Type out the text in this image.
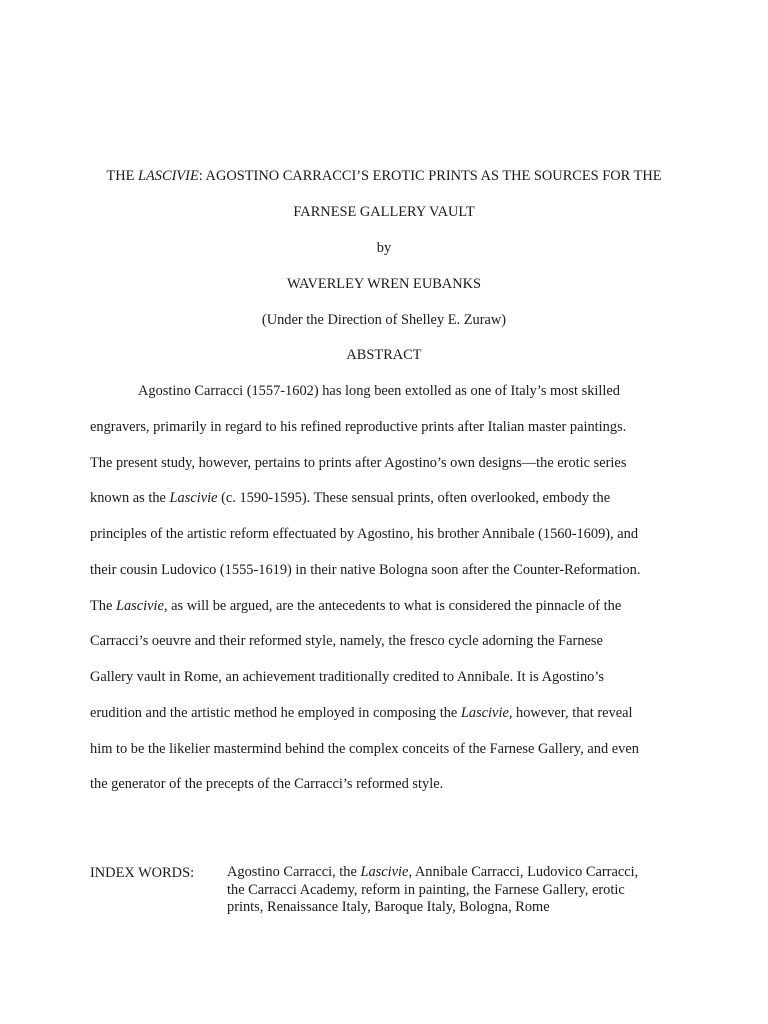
THE LASCIVIE: AGOSTINO CARRACCI’S EROTIC PRINTS AS THE SOURCES FOR THE
FARNESE GALLERY VAULT
by
WAVERLEY WREN EUBANKS
(Under the Direction of Shelley E. Zuraw)
ABSTRACT
Agostino Carracci (1557-1602) has long been extolled as one of Italy’s most skilled
engravers, primarily in regard to his refined reproductive prints after Italian master paintings.
The present study, however, pertains to prints after Agostino’s own designs—the erotic series
known as the Lascivie (c. 1590-1595). These sensual prints, often overlooked, embody the
principles of the artistic reform effectuated by Agostino, his brother Annibale (1560-1609), and
their cousin Ludovico (1555-1619) in their native Bologna soon after the Counter-Reformation.
The Lascivie, as will be argued, are the antecedents to what is considered the pinnacle of the
Carracci’s oeuvre and their reformed style, namely, the fresco cycle adorning the Farnese
Gallery vault in Rome, an achievement traditionally credited to Annibale. It is Agostino’s
erudition and the artistic method he employed in composing the Lascivie, however, that reveal
him to be the likelier mastermind behind the complex conceits of the Farnese Gallery, and even
the generator of the precepts of the Carracci’s reformed style.
INDEX WORDS: Agostino Carracci, the Lascivie, Annibale Carracci, Ludovico Carracci,
the Carracci Academy, reform in painting, the Farnese Gallery, erotic
prints, Renaissance Italy, Baroque Italy, Bologna, Rome
